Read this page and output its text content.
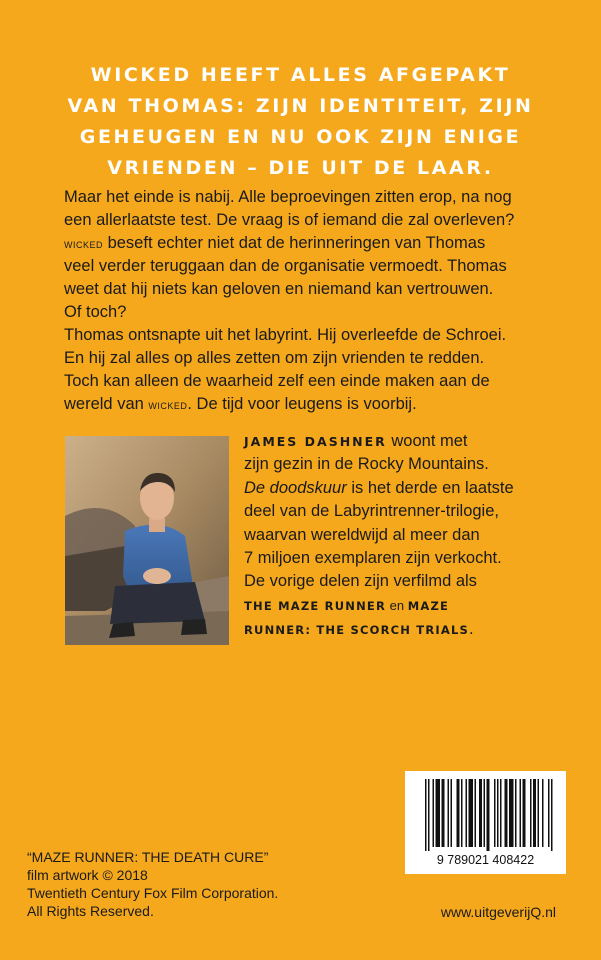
WICKED HEEFT ALLES AFGEPAKT
VAN THOMAS: ZIJN IDENTITEIT, ZIJN
GEHEUGEN EN NU OOK ZIJN ENIGE
VRIENDEN – DIE UIT DE LAAR.
Maar het einde is nabij. Alle beproevingen zitten erop, na nog
een allerlaatste test. De vraag is of iemand die zal overleven?
wicked beseft echter niet dat de herinneringen van Thomas
veel verder teruggaan dan de organisatie vermoedt. Thomas
weet dat hij niets kan geloven en niemand kan vertrouwen.
Of toch?
Thomas ontsnapte uit het labyrint. Hij overleefde de Schroei.
En hij zal alles op alles zetten om zijn vrienden te redden.
Toch kan alleen de waarheid zelf een einde maken aan de
wereld van wicked. De tijd voor leugens is voorbij.
JAMES DASHNER woont met
zijn gezin in de Rocky Mountains.
De doodskuur is het derde en laatste
deel van de Labyrintrenner-trilogie,
waarvan wereldwijd al meer dan
7 miljoen exemplaren zijn verkocht.
De vorige delen zijn verfilmd als
THE MAZE RUNNER en MAZE
RUNNER: THE SCORCH TRIALS.
9 789021 408422
“MAZE RUNNER: THE DEATH CURE”
film artwork © 2018
Twentieth Century Fox Film Corporation.
All Rights Reserved.	www.uitgeverijQ.nl
